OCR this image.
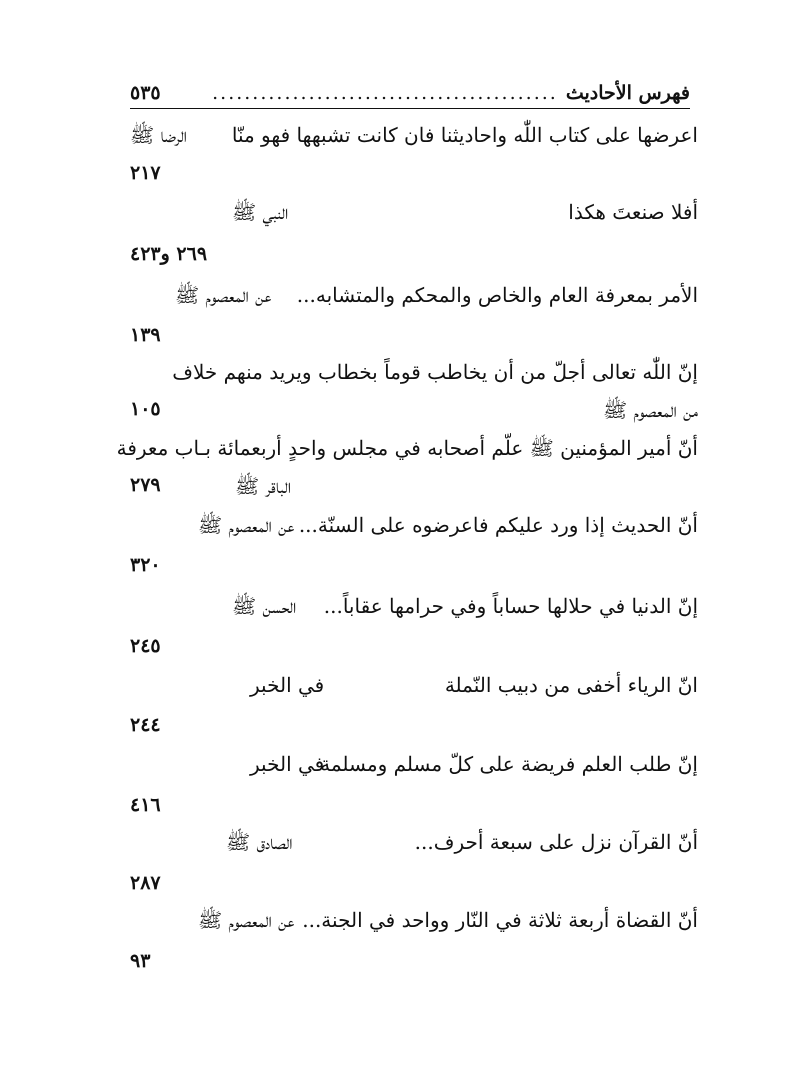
فهرس الأحاديث
...........................................
٥٣٥
اعرضها على كتاب اللّٰه واحاديثنا فان كانت تشبهها فهو منّا
الرضا ﷺ
٢١٧
أفلا صنعتَ هكذا
النبي ﷺ
٢٦٩ و٤٢٣
الأمر بمعرفة العام والخاص والمحكم والمتشابه...
عن المعصوم ﷺ
١٣٩
إنّ اللّٰه تعالى أجلّ من أن يخاطب قوماً بخطاب ويريد منهم خلاف
من المعصوم ﷺ
١٠٥
أنّ أمير المؤمنين ﷺ علّم أصحابه في مجلس واحدٍ أربعمائة بـاب معرفة
الباقر ﷺ
٢٧٩
أنّ الحديث إذا ورد عليكم فاعرضوه على السنّة...
عن المعصوم ﷺ
٣٢٠
إنّ الدنيا في حلالها حساباً وفي حرامها عقاباً...
الحسن ﷺ
٢٤٥
انّ الرياء أخفى من دبيب النّملة
في الخبر
٢٤٤
إنّ طلب العلم فريضة على كلّ مسلم ومسلمة
في الخبر
٤١٦
أنّ القرآن نزل على سبعة أحرف...
الصادق ﷺ
٢٨٧
أنّ القضاة أربعة ثلاثة في النّار وواحد في الجنة...
عن المعصوم ﷺ
٩٣
